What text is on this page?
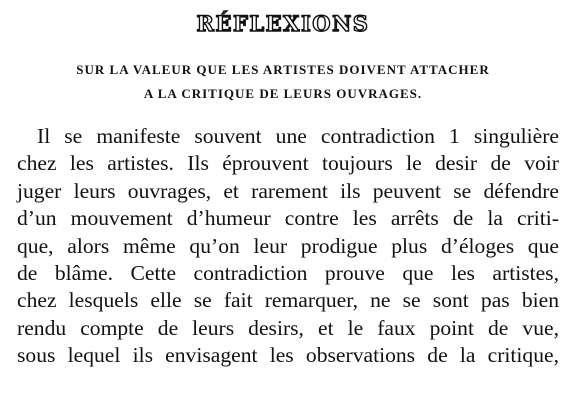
RÉFLEXIONS
SUR LA VALEUR QUE LES ARTISTES DOIVENT ATTACHER
A LA CRITIQUE DE LEURS OUVRAGES.
Il se manifeste souvent une contradiction 1 singulière
chez les artistes. Ils éprouvent toujours le desir de voir
juger leurs ouvrages, et rarement ils peuvent se défendre
d’un mouvement d’humeur contre les arrêts de la criti-
que, alors même qu’on leur prodigue plus d’éloges que
de blâme. Cette contradiction prouve que les artistes,
chez lesquels elle se fait remarquer, ne se sont pas bien
rendu compte de leurs desirs, et le faux point de vue,
sous lequel ils envisagent les observations de la critique,
